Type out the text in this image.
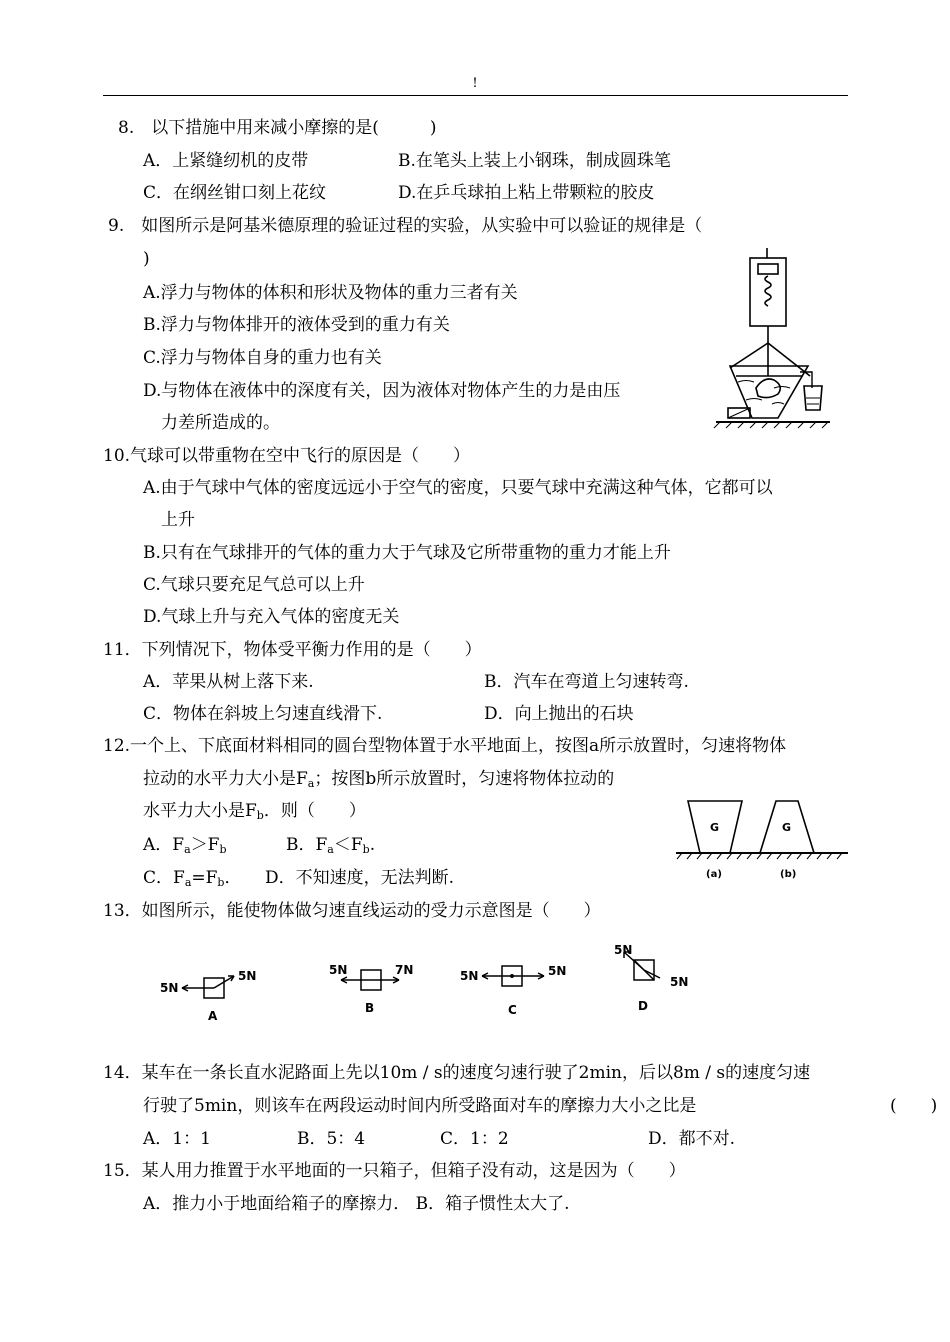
!
8.　以下措施中用来减小摩擦的是(　　　)
A．上紧缝纫机的皮带	B.在笔头上装上小钢珠，制成圆珠笔
C．在纲丝钳口刻上花纹	D.在乒乓球拍上粘上带颗粒的胶皮
9.　如图所示是阿基米德原理的验证过程的实验，从实验中可以验证的规律是（
)
A.浮力与物体的体积和形状及物体的重力三者有关
B.浮力与物体排开的液体受到的重力有关
C.浮力与物体自身的重力也有关
D.与物体在液体中的深度有关，因为液体对物体产生的力是由压
力差所造成的。
10.气球可以带重物在空中飞行的原因是（　　）
A.由于气球中气体的密度远远小于空气的密度，只要气球中充满这种气体，它都可以
上升
B.只有在气球排开的气体的重力大于气球及它所带重物的重力才能上升
C.气球只要充足气总可以上升
D.气球上升与充入气体的密度无关
11．下列情况下，物体受平衡力作用的是（　　）
A．苹果从树上落下来.	B．汽车在弯道上匀速转弯.
C．物体在斜坡上匀速直线滑下.	D．向上抛出的石块
12.一个上、下底面材料相同的圆台型物体置于水平地面上，按图a所示放置时，匀速将物体
拉动的水平力大小是$F_a$；按图b所示放置时，匀速将物体拉动的
水平力大小是$F_b$．则（　　）
A．$F_a>F_b$	B．$F_a<F_b$.
C．$F_a=F_b$． D．不知速度，无法判断.
G	G
(a)	(b)
13．如图所示，能使物体做匀速直线运动的受力示意图是（　　）
5N
5N
A
5N	7N
B
5N	5N
C
5N
5N
D
14．某车在一条长直水泥路面上先以10m / s的速度匀速行驶了2min，后以8m / s的速度匀速
行驶了5min，则该车在两段运动时间内所受路面对车的摩擦力大小之比是	(　　)
A．1：1	B．5：4	C．1：2	D．都不对.
15．某人用力推置于水平地面的一只箱子，但箱子没有动，这是因为（　　）
A．推力小于地面给箱子的摩擦力． B．箱子惯性太大了.
